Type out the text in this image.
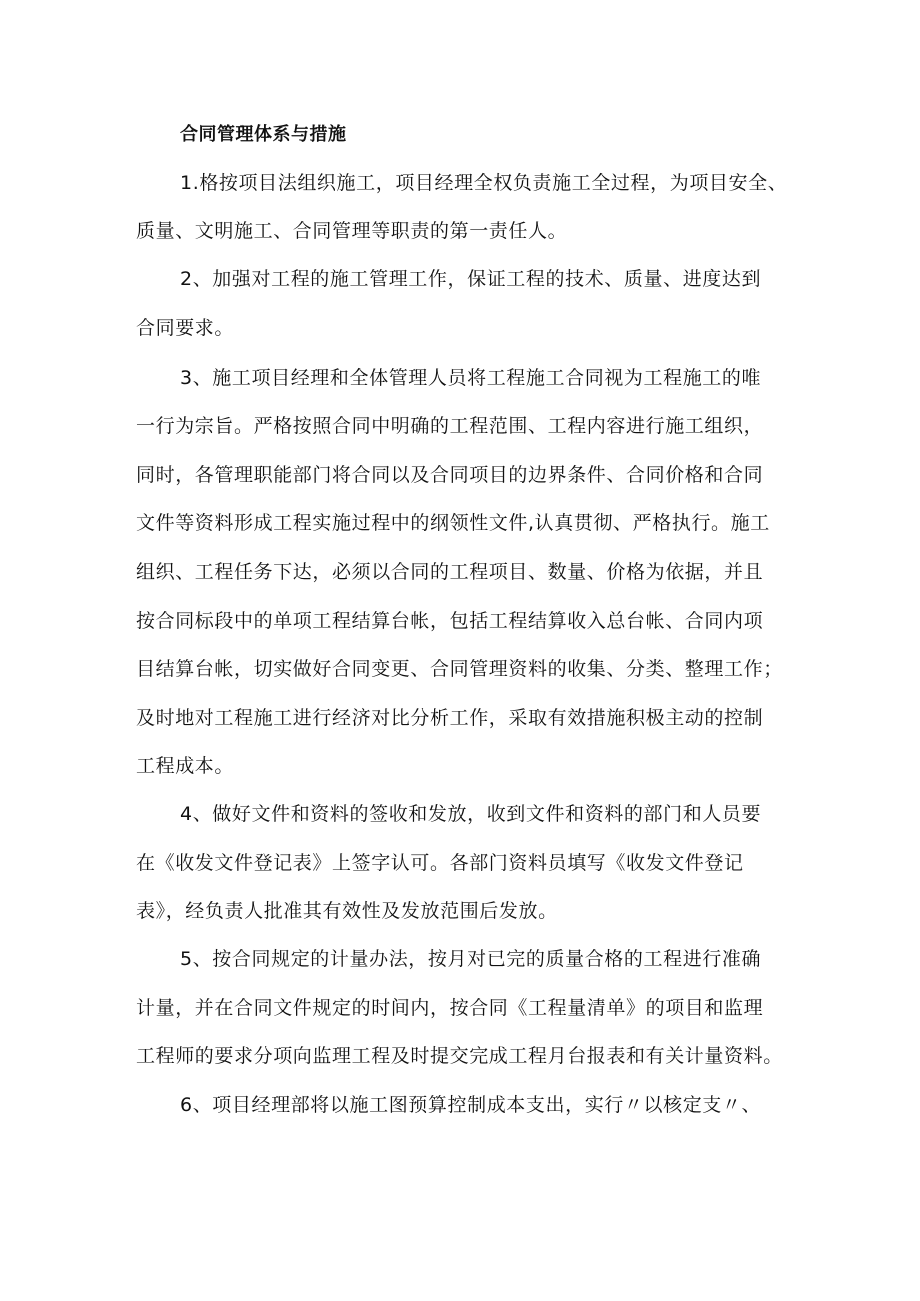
合同管理体系与措施
1.格按项目法组织施工，项目经理全权负责施工全过程，为项目安全、
质量、文明施工、合同管理等职责的第一责任人。
2、加强对工程的施工管理工作，保证工程的技术、质量、进度达到
合同要求。
3、施工项目经理和全体管理人员将工程施工合同视为工程施工的唯
一行为宗旨。严格按照合同中明确的工程范围、工程内容进行施工组织，
同时，各管理职能部门将合同以及合同项目的边界条件、合同价格和合同
文件等资料形成工程实施过程中的纲领性文件,认真贯彻、严格执行。施工
组织、工程任务下达，必须以合同的工程项目、数量、价格为依据，并且
按合同标段中的单项工程结算台帐，包括工程结算收入总台帐、合同内项
目结算台帐，切实做好合同变更、合同管理资料的收集、分类、整理工作；
及时地对工程施工进行经济对比分析工作，采取有效措施积极主动的控制
工程成本。
4、做好文件和资料的签收和发放，收到文件和资料的部门和人员要
在《收发文件登记表》上签字认可。各部门资料员填写《收发文件登记
表》，经负责人批准其有效性及发放范围后发放。
5、按合同规定的计量办法，按月对已完的质量合格的工程进行准确
计量，并在合同文件规定的时间内，按合同《工程量清单》的项目和监理
工程师的要求分项向监理工程及时提交完成工程月台报表和有关计量资料。
6、项目经理部将以施工图预算控制成本支出，实行〃以核定支〃、
